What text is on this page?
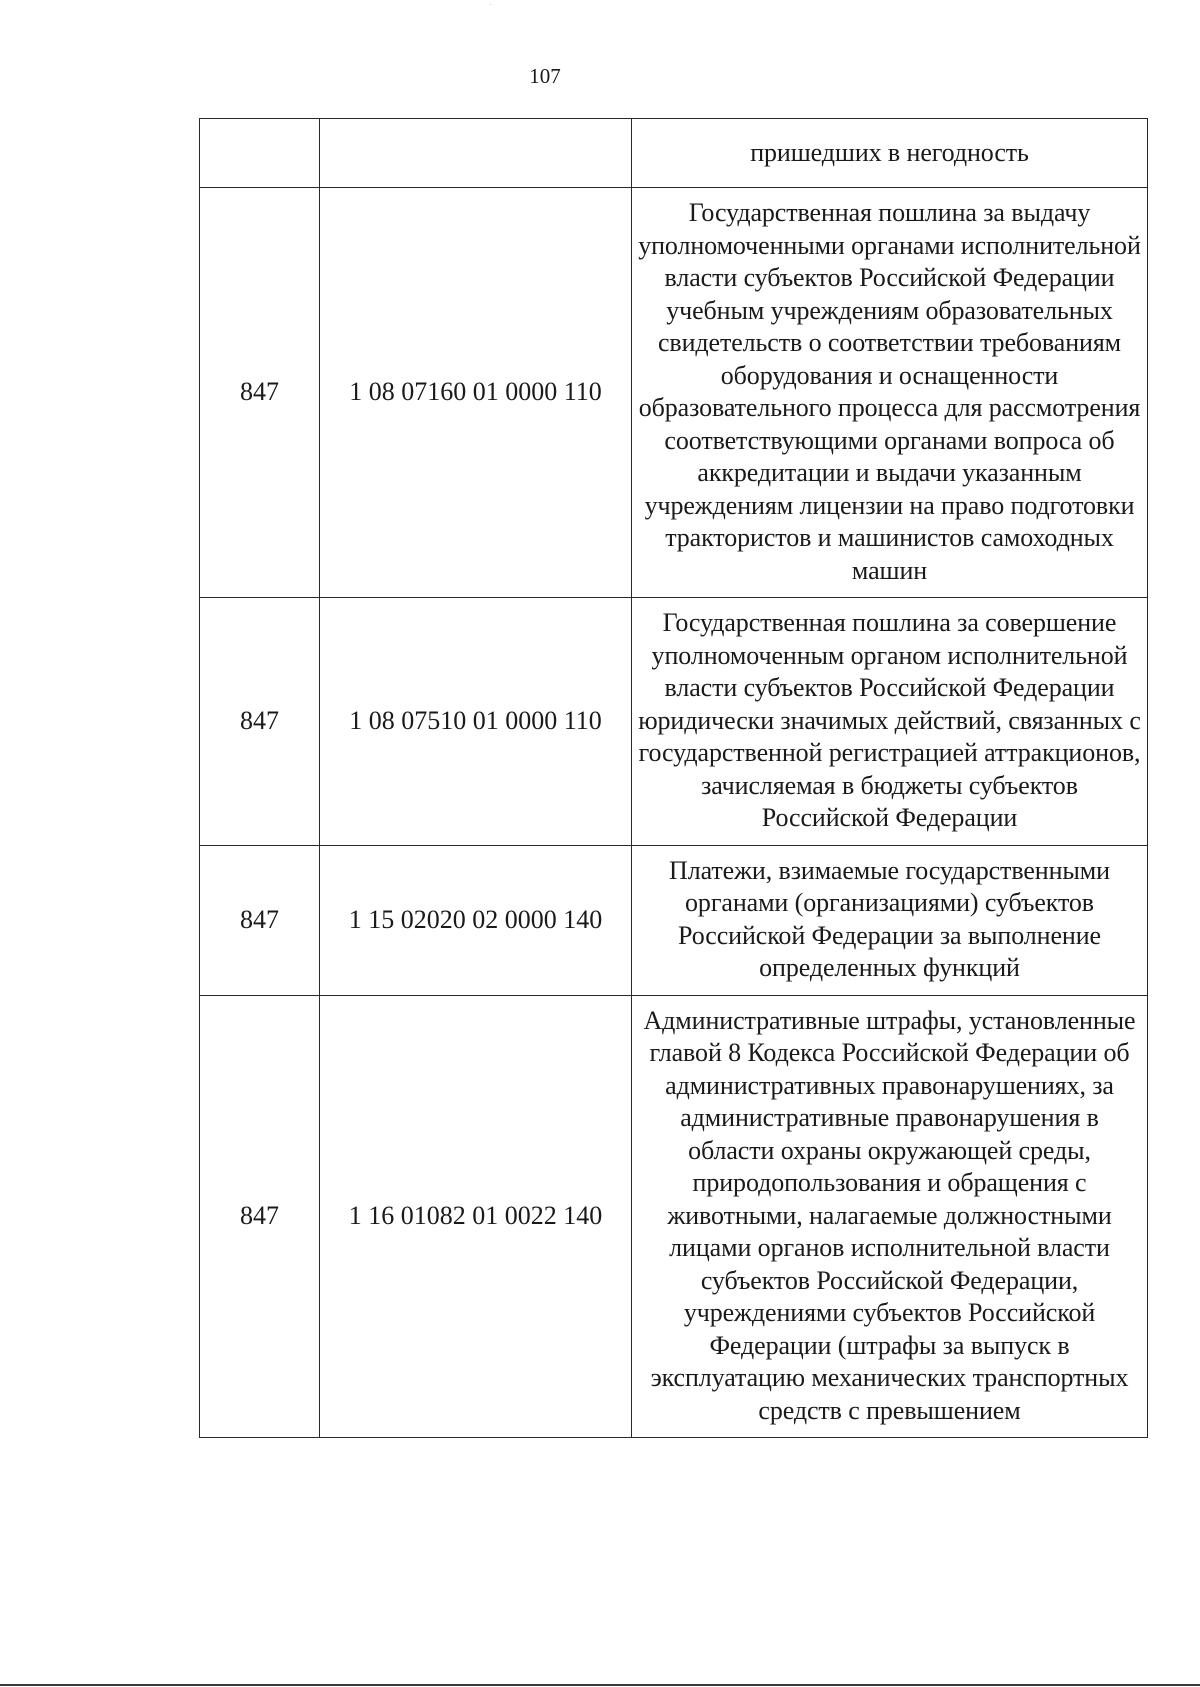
107
		пришедших в негодность
847	1 08 07160 01 0000 110	Государственная пошлина за выдачу уполномоченными органами исполнительной власти субъектов Российской Федерации учебным учреждениям образовательных свидетельств о соответствии требованиям оборудования и оснащенности образовательного процесса для рассмотрения соответствующими органами вопроса об аккредитации и выдачи указанным учреждениям лицензии на право подготовки трактористов и машинистов самоходных машин
847	1 08 07510 01 0000 110	Государственная пошлина за совершение уполномоченным органом исполнительной власти субъектов Российской Федерации юридически значимых действий, связанных с государственной регистрацией аттракционов, зачисляемая в бюджеты субъектов Российской Федерации
847	1 15 02020 02 0000 140	Платежи, взимаемые государственными органами (организациями) субъектов Российской Федерации за выполнение определенных функций
847	1 16 01082 01 0022 140	Административные штрафы, установленные главой 8 Кодекса Российской Федерации об административных правонарушениях, за административные правонарушения в области охраны окружающей среды, природопользования и обращения с животными, налагаемые должностными лицами органов исполнительной власти субъектов Российской Федерации, учреждениями субъектов Российской Федерации (штрафы за выпуск в эксплуатацию механических транспортных средств с превышением
